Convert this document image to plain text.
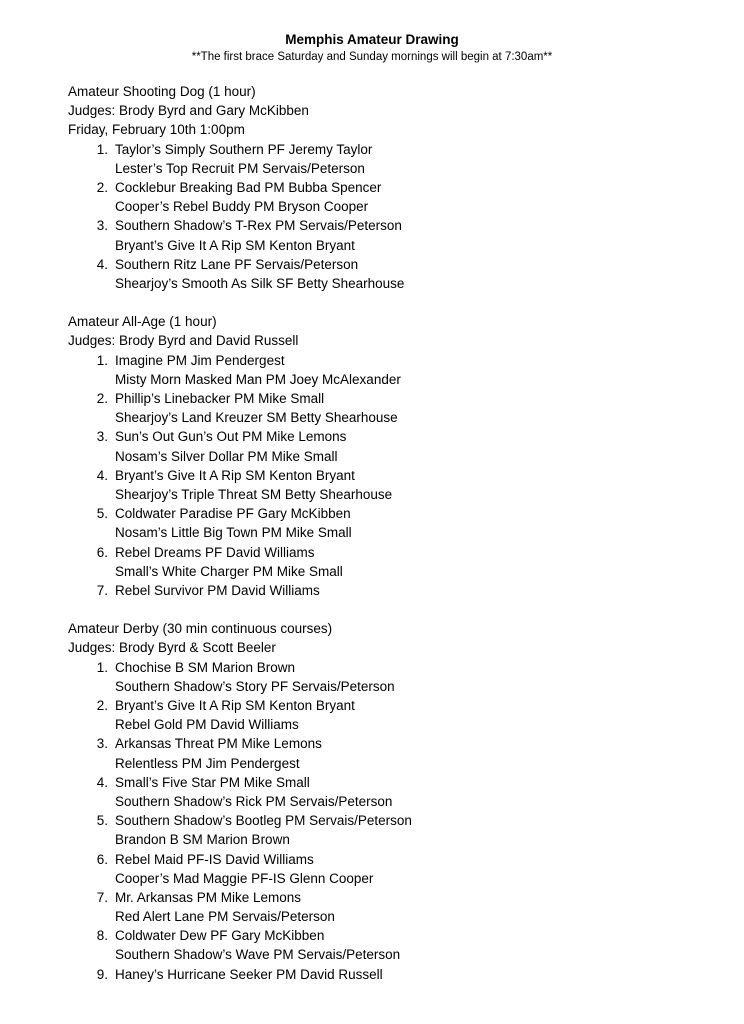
Memphis Amateur Drawing
**The first brace Saturday and Sunday mornings will begin at 7:30am**
Amateur Shooting Dog (1 hour)
Judges: Brody Byrd and Gary McKibben
Friday, February 10th 1:00pm
1. Taylor’s Simply Southern PF Jeremy Taylor
Lester’s Top Recruit PM Servais/Peterson
2. Cocklebur Breaking Bad PM Bubba Spencer
Cooper’s Rebel Buddy PM Bryson Cooper
3. Southern Shadow’s T-Rex PM Servais/Peterson
Bryant’s Give It A Rip SM Kenton Bryant
4. Southern Ritz Lane PF Servais/Peterson
Shearjoy’s Smooth As Silk SF Betty Shearhouse
Amateur All-Age (1 hour)
Judges: Brody Byrd and David Russell
1. Imagine PM Jim Pendergest
Misty Morn Masked Man PM Joey McAlexander
2. Phillip’s Linebacker PM Mike Small
Shearjoy’s Land Kreuzer SM Betty Shearhouse
3. Sun’s Out Gun’s Out PM Mike Lemons
Nosam’s Silver Dollar PM Mike Small
4. Bryant’s Give It A Rip SM Kenton Bryant
Shearjoy’s Triple Threat SM Betty Shearhouse
5. Coldwater Paradise PF Gary McKibben
Nosam’s Little Big Town PM Mike Small
6. Rebel Dreams PF David Williams
Small’s White Charger PM Mike Small
7. Rebel Survivor PM David Williams
Amateur Derby (30 min continuous courses)
Judges: Brody Byrd & Scott Beeler
1. Chochise B SM Marion Brown
Southern Shadow’s Story PF Servais/Peterson
2. Bryant’s Give It A Rip SM Kenton Bryant
Rebel Gold PM David Williams
3. Arkansas Threat PM Mike Lemons
Relentless PM Jim Pendergest
4. Small’s Five Star PM Mike Small
Southern Shadow’s Rick PM Servais/Peterson
5. Southern Shadow’s Bootleg PM Servais/Peterson
Brandon B SM Marion Brown
6. Rebel Maid PF-IS David Williams
Cooper’s Mad Maggie PF-IS Glenn Cooper
7. Mr. Arkansas PM Mike Lemons
Red Alert Lane PM Servais/Peterson
8. Coldwater Dew PF Gary McKibben
Southern Shadow’s Wave PM Servais/Peterson
9. Haney’s Hurricane Seeker PM David Russell
